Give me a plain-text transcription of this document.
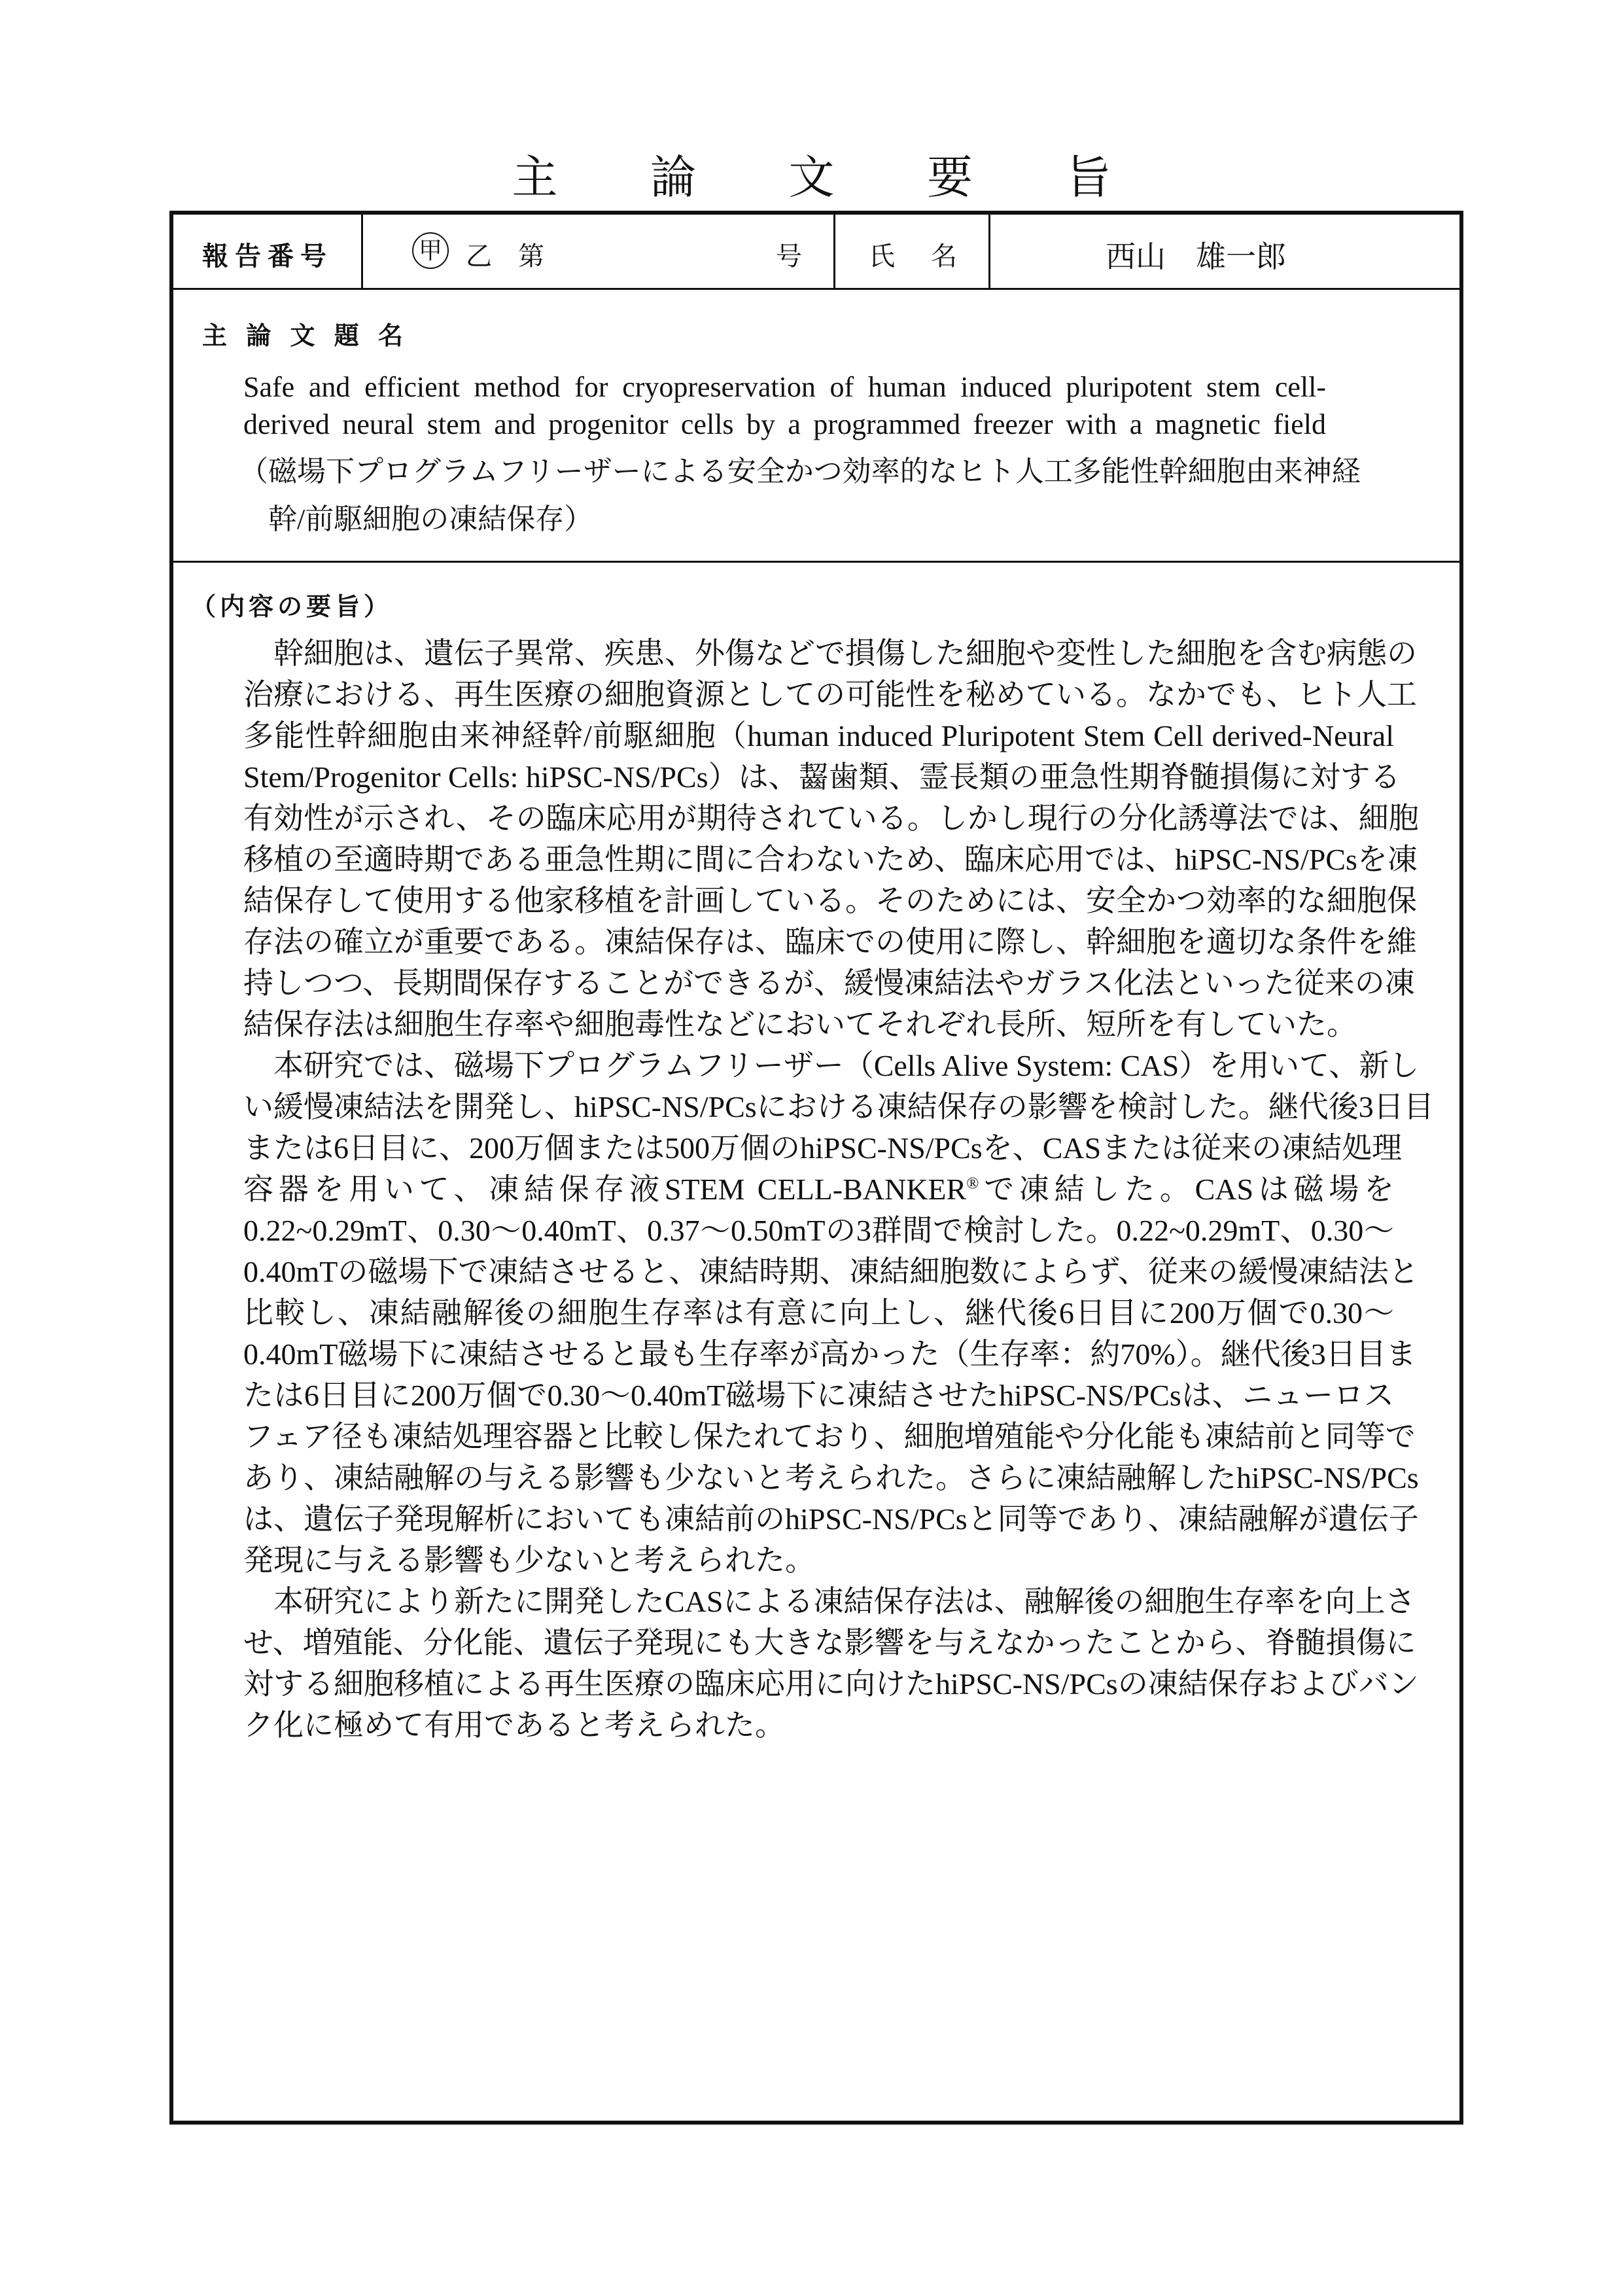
主 論 文 要 旨
報告番号	甲 乙 第	号	氏 名	西山　雄一郎
主 論 文 題 名
Safe and efficient method for cryopreservation of human induced pluripotent stem cell-
derived neural stem and progenitor cells by a programmed freezer with a magnetic field
（磁場下プログラムフリーザーによる安全かつ効率的なヒト人工多能性幹細胞由来神経
幹/前駆細胞の凍結保存）
（内容の要旨）
幹細胞は、遺伝子異常、疾患、外傷などで損傷した細胞や変性した細胞を含む病態の
治療における、再生医療の細胞資源としての可能性を秘めている。なかでも、ヒト人工
多能性幹細胞由来神経幹/前駆細胞（human induced Pluripotent Stem Cell derived-Neural
Stem/Progenitor Cells: hiPSC-NS/PCs）は、齧歯類、霊長類の亜急性期脊髄損傷に対する
有効性が示され、その臨床応用が期待されている。しかし現行の分化誘導法では、細胞
移植の至適時期である亜急性期に間に合わないため、臨床応用では、hiPSC-NS/PCsを凍
結保存して使用する他家移植を計画している。そのためには、安全かつ効率的な細胞保
存法の確立が重要である。凍結保存は、臨床での使用に際し、幹細胞を適切な条件を維
持しつつ、長期間保存することができるが、緩慢凍結法やガラス化法といった従来の凍
結保存法は細胞生存率や細胞毒性などにおいてそれぞれ長所、短所を有していた。
本研究では、磁場下プログラムフリーザー（Cells Alive System: CAS）を用いて、新し
い緩慢凍結法を開発し、hiPSC-NS/PCsにおける凍結保存の影響を検討した。継代後3日目
または6日目に、200万個または500万個のhiPSC-NS/PCsを、CASまたは従来の凍結処理
容器を用いて、凍結保存液STEM CELL-BANKER®で凍結した。CASは磁場を
0.22~0.29mT、0.30～0.40mT、0.37～0.50mTの3群間で検討した。0.22~0.29mT、0.30～
0.40mTの磁場下で凍結させると、凍結時期、凍結細胞数によらず、従来の緩慢凍結法と
比較し、凍結融解後の細胞生存率は有意に向上し、継代後6日目に200万個で0.30～
0.40mT磁場下に凍結させると最も生存率が高かった（生存率：約70%）。継代後3日目ま
たは6日目に200万個で0.30～0.40mT磁場下に凍結させたhiPSC-NS/PCsは、ニューロス
フェア径も凍結処理容器と比較し保たれており、細胞増殖能や分化能も凍結前と同等で
あり、凍結融解の与える影響も少ないと考えられた。さらに凍結融解したhiPSC-NS/PCs
は、遺伝子発現解析においても凍結前のhiPSC-NS/PCsと同等であり、凍結融解が遺伝子
発現に与える影響も少ないと考えられた。
本研究により新たに開発したCASによる凍結保存法は、融解後の細胞生存率を向上さ
せ、増殖能、分化能、遺伝子発現にも大きな影響を与えなかったことから、脊髄損傷に
対する細胞移植による再生医療の臨床応用に向けたhiPSC-NS/PCsの凍結保存およびバン
ク化に極めて有用であると考えられた。
